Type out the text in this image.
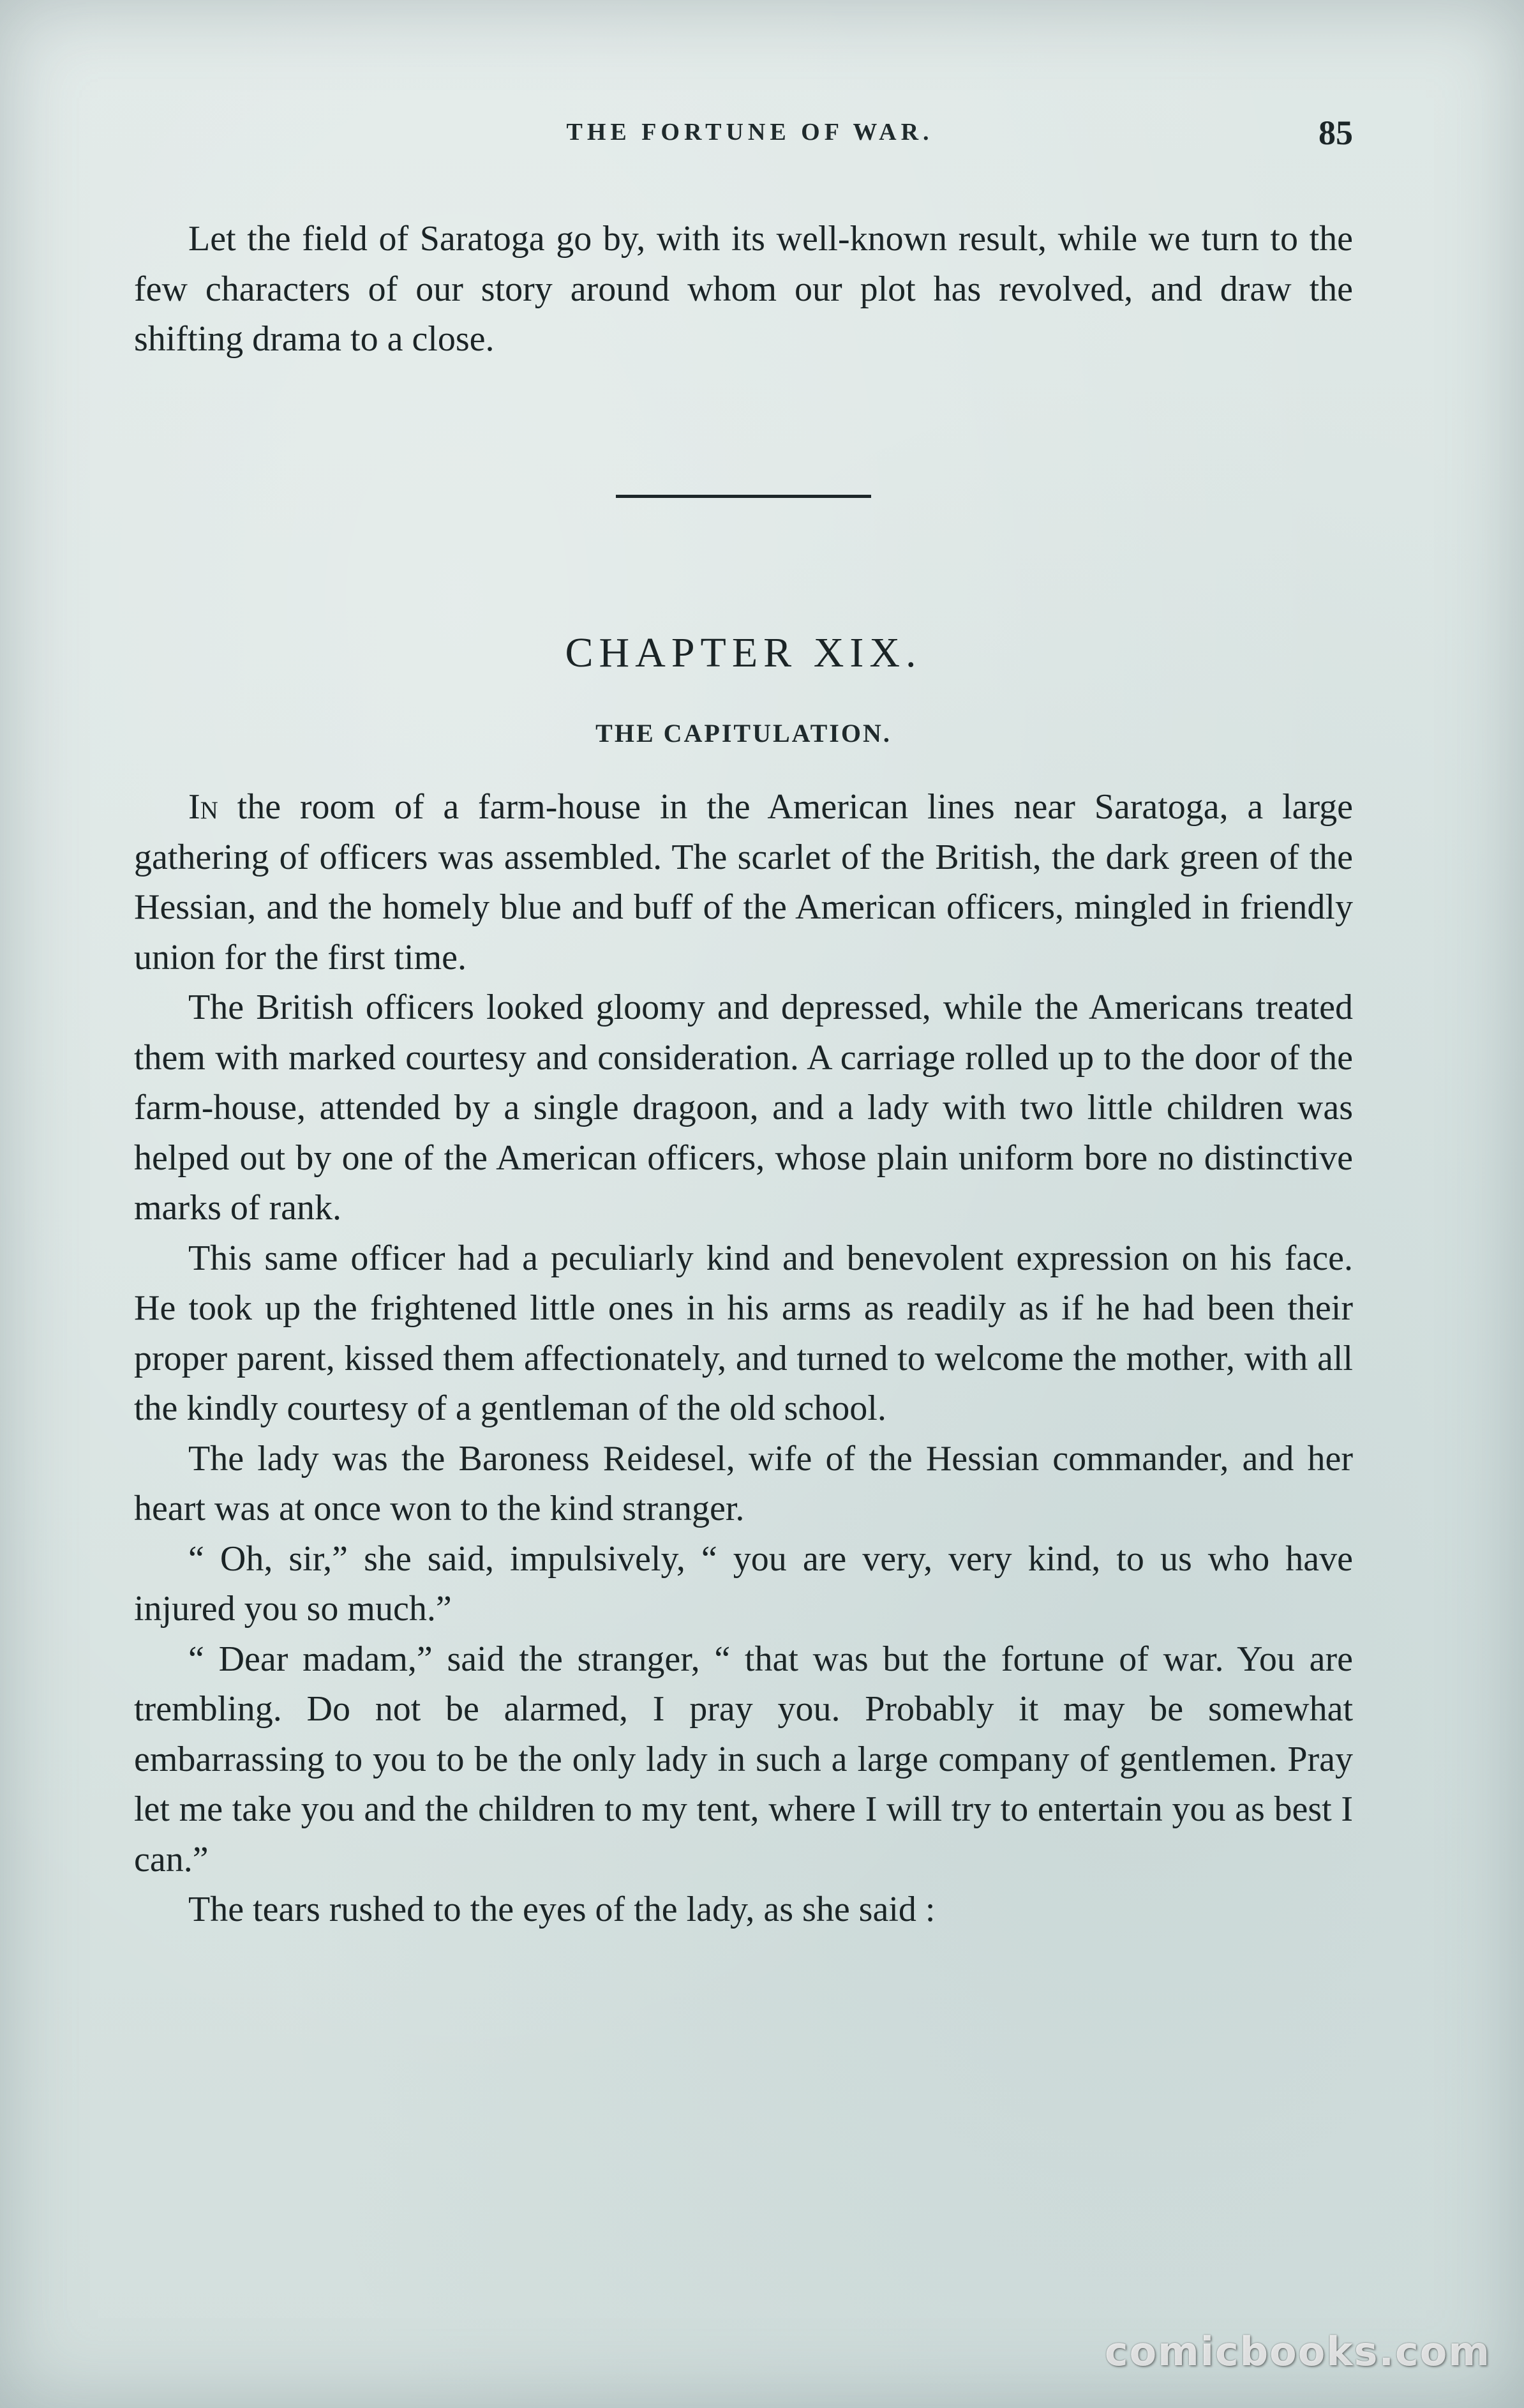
THE FORTUNE OF WAR.	85

Let the field of Saratoga go by, with its well-known result, while we turn to the few characters of our story around whom our plot has revolved, and draw the shifting drama to a close.

CHAPTER XIX.
THE CAPITULATION.

In the room of a farm-house in the American lines near Saratoga, a large gathering of officers was assembled. The scarlet of the British, the dark green of the Hessian, and the homely blue and buff of the American officers, mingled in friendly union for the first time.

The British officers looked gloomy and depressed, while the Americans treated them with marked courtesy and consideration. A carriage rolled up to the door of the farm-house, attended by a single dragoon, and a lady with two little children was helped out by one of the American officers, whose plain uniform bore no distinctive marks of rank.

This same officer had a peculiarly kind and benevolent expression on his face. He took up the frightened little ones in his arms as readily as if he had been their proper parent, kissed them affectionately, and turned to welcome the mother, with all the kindly courtesy of a gentleman of the old school.

The lady was the Baroness Reidesel, wife of the Hessian commander, and her heart was at once won to the kind stranger.

“ Oh, sir,” she said, impulsively, “ you are very, very kind, to us who have injured you so much.”

“ Dear madam,” said the stranger, “ that was but the fortune of war. You are trembling. Do not be alarmed, I pray you. Probably it may be somewhat embarrassing to you to be the only lady in such a large company of gentlemen. Pray let me take you and the children to my tent, where I will try to entertain you as best I can.”

The tears rushed to the eyes of the lady, as she said :

comicbooks.com
